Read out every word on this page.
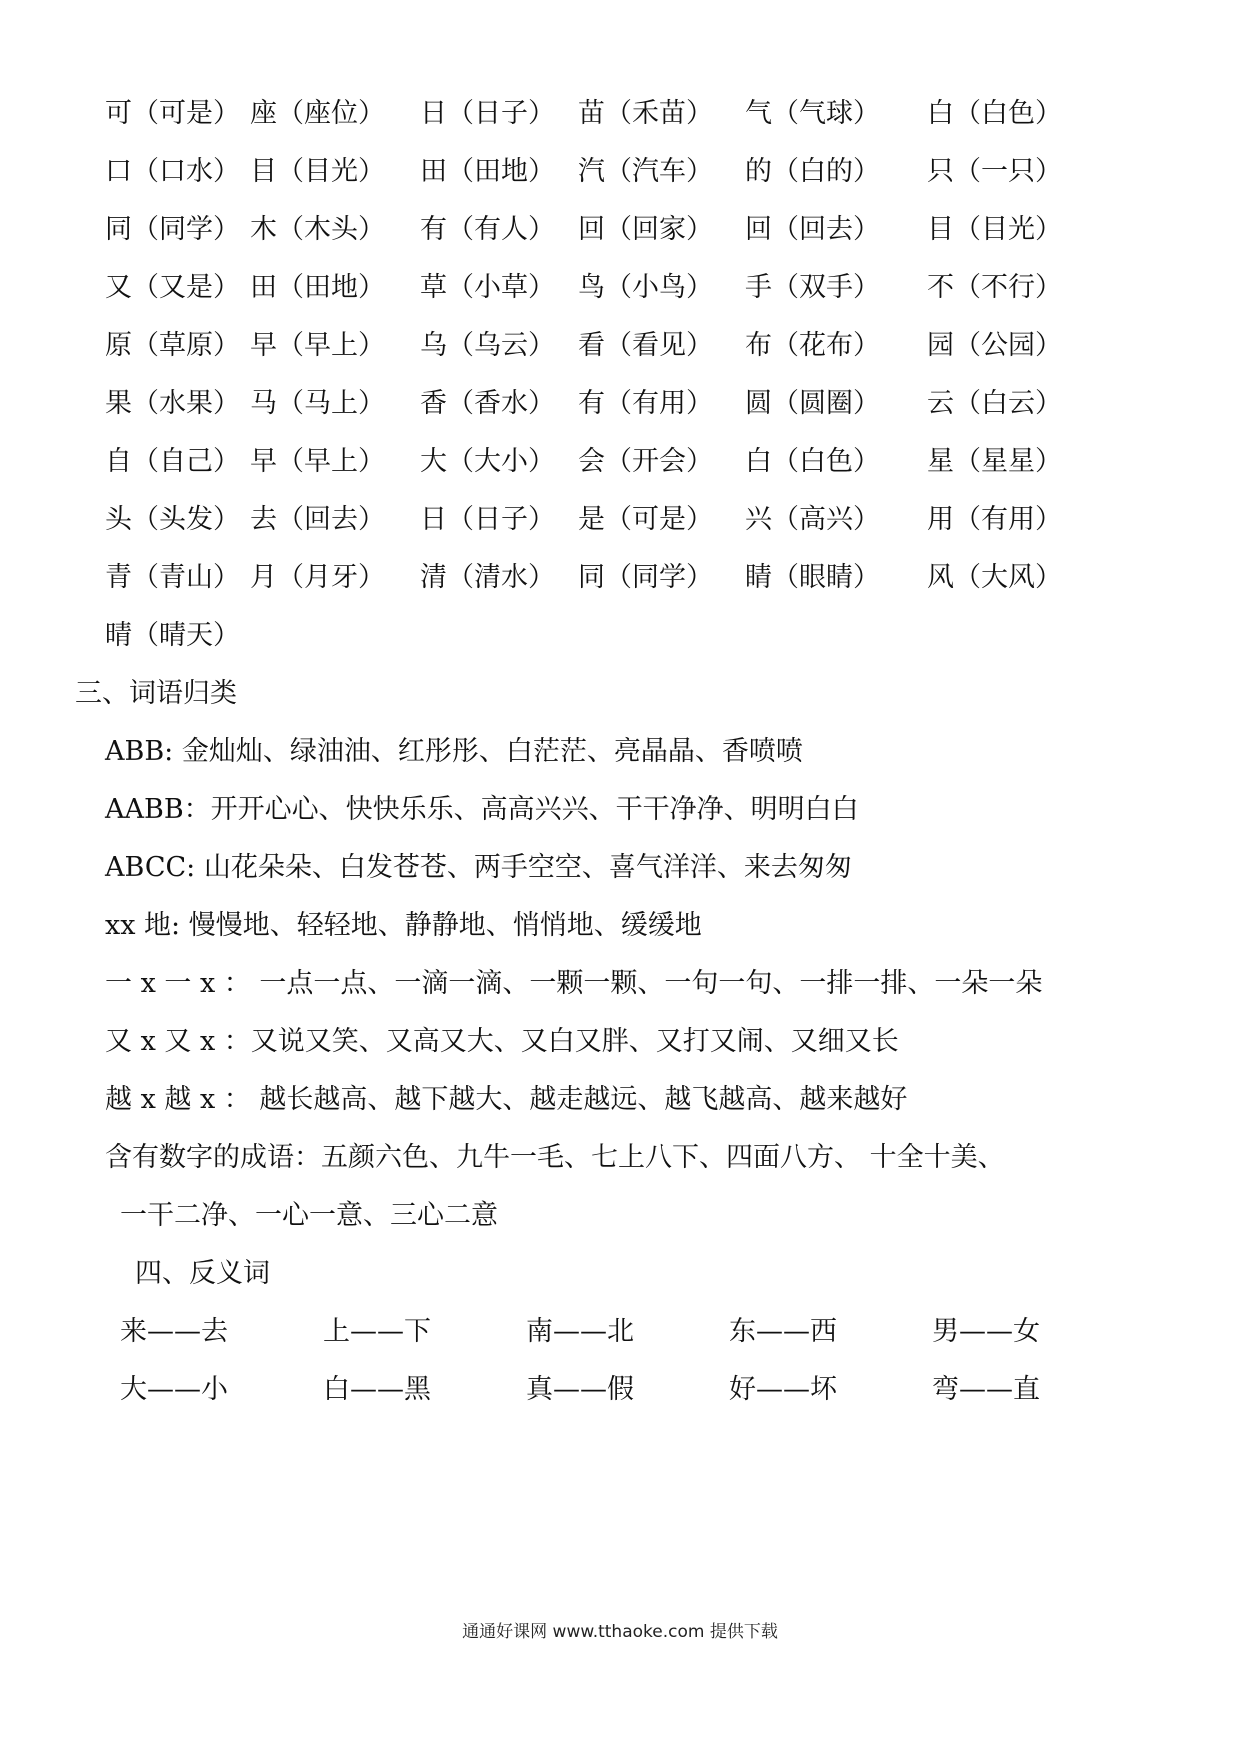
可（可是） 座（座位） 日（日子） 苗（禾苗） 气（气球） 白（白色）
口（口水） 目（目光） 田（田地） 汽（汽车） 的（白的） 只（一只）
同（同学） 木（木头） 有（有人） 回（回家） 回（回去） 目（目光）
又（又是） 田（田地） 草（小草） 鸟（小鸟） 手（双手） 不（不行）
原（草原） 早（早上） 乌（乌云） 看（看见） 布（花布） 园（公园）
果（水果） 马（马上） 香（香水） 有（有用） 圆（圆圈） 云（白云）
自（自己） 早（早上） 大（大小） 会（开会） 白（白色） 星（星星）
头（头发） 去（回去） 日（日子） 是（可是） 兴（高兴） 用（有用）
青（青山） 月（月牙） 清（清水） 同（同学） 睛（眼睛） 风（大风）
晴（晴天）
三、词语归类
ABB: 金灿灿、绿油油、红彤彤、白茫茫、亮晶晶、香喷喷
AABB：开开心心、快快乐乐、高高兴兴、干干净净、明明白白
ABCC: 山花朵朵、白发苍苍、两手空空、喜气洋洋、来去匆匆
xx 地: 慢慢地、轻轻地、静静地、悄悄地、缓缓地
一 x 一 x ： 一点一点、一滴一滴、一颗一颗、一句一句、一排一排、一朵一朵
又 x 又 x ：又说又笑、又高又大、又白又胖、又打又闹、又细又长
越 x 越 x ： 越长越高、越下越大、越走越远、越飞越高、越来越好
含有数字的成语：五颜六色、九牛一毛、七上八下、四面八方、 十全十美、
一干二净、一心一意、三心二意
四、反义词
来——去	上——下	南——北	东——西	男——女
大——小	白——黑	真——假	好——坏	弯——直
通通好课网 www.tthaoke.com 提供下载
